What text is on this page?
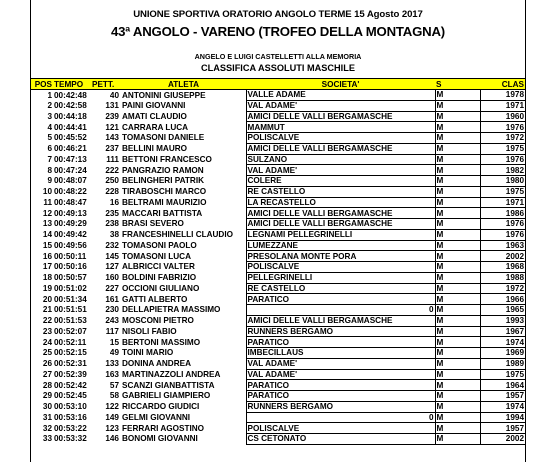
UNIONE SPORTIVA ORATORIO ANGOLO TERME 15 Agosto 2017
43ª ANGOLO - VARENO (TROFEO DELLA MONTAGNA)
ANGELO E LUIGI CASTELLETTI ALLA MEMORIA
CLASSIFICA ASSOLUTI MASCHILE
POS	TEMPO	PETT.	ATLETA	SOCIETA'	S	CLAS
1	00:42:48	40	ANTONINI GIUSEPPE	VALLE ADAME	M	1978
2	00:42:58	131	PAINI GIOVANNI	VAL ADAME'	M	1971
3	00:44:18	239	AMATI CLAUDIO	AMICI DELLE VALLI BERGAMASCHE	M	1960
4	00:44:41	121	CARRARA LUCA	MAMMUT	M	1976
5	00:45:52	143	TOMASONI DANIELE	POLISCALVE	M	1972
6	00:46:21	237	BELLINI MAURO	AMICI DELLE VALLI BERGAMASCHE	M	1975
7	00:47:13	111	BETTONI FRANCESCO	SULZANO	M	1976
8	00:47:24	222	PANGRAZIO RAMON	VAL ADAME'	M	1982
9	00:48:07	250	BELINGHERI PATRIK	COLERE	M	1980
10	00:48:22	228	TIRABOSCHI MARCO	RE CASTELLO	M	1975
11	00:48:47	16	BELTRAMI MAURIZIO	LA RECASTELLO	M	1971
12	00:49:13	235	MACCARI BATTISTA	AMICI DELLE VALLI BERGAMASCHE	M	1986
13	00:49:29	238	BRASI SEVERO	AMICI DELLE VALLI BERGAMASCHE	M	1976
14	00:49:42	38	FRANCESHINELLI CLAUDIO	LEGNAMI PELLEGRINELLI	M	1976
15	00:49:56	232	TOMASONI PAOLO	LUMEZZANE	M	1963
16	00:50:11	145	TOMASONI LUCA	PRESOLANA MONTE PORA	M	2002
17	00:50:16	127	ALBRICCI VALTER	POLISCALVE	M	1968
18	00:50:57	160	BOLDINI FABRIZIO	PELLEGRINELLI	M	1988
19	00:51:02	227	OCCIONI GIULIANO	RE CASTELLO	M	1972
20	00:51:34	161	GATTI ALBERTO	PARATICO	M	1966
21	00:51:51	230	DELLAPIETRA MASSIMO	0	M	1965
22	00:51:53	243	MOSCONI PIETRO	AMICI DELLE VALLI BERGAMASCHE	M	1993
23	00:52:07	117	NISOLI FABIO	RUNNERS BERGAMO	M	1967
24	00:52:11	15	BERTONI MASSIMO	PARATICO	M	1974
25	00:52:15	49	TOINI MARIO	IMBECILLAUS	M	1969
26	00:52:31	133	DONINA ANDREA	VAL ADAME'	M	1989
27	00:52:39	163	MARTINAZZOLI ANDREA	VAL ADAME'	M	1975
28	00:52:42	57	SCANZI GIANBATTISTA	PARATICO	M	1964
29	00:52:45	58	GABRIELI GIAMPIERO	PARATICO	M	1957
30	00:53:10	122	RICCARDO GIUDICI	RUNNERS BERGAMO	M	1974
31	00:53:16	149	GELMI GIOVANNI	0	M	1994
32	00:53:22	123	FERRARI AGOSTINO	POLISCALVE	M	1957
33	00:53:32	146	BONOMI GIOVANNI	CS CETONATO	M	2002
